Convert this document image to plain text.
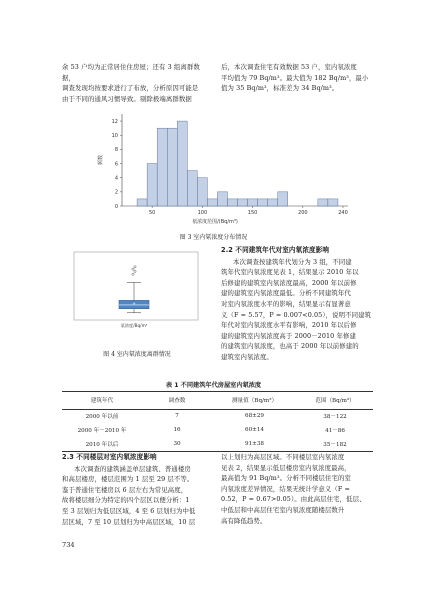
余 53 户均为正常居住住房屋；还有 3 组离群数据，

调查发现均按要求进行了布放，分析原因可能是

由于不同的通风习惯导致。剔除极端离群数据

后，本次调查住宅有效数据 53 户，室内氡浓度

平均值为 79 Bq/m³。最大值为 182 Bq/m³，最小

值为 35 Bq/m³，标准差为 34 Bq/m³。

0
2
4
6
8
10
12
50	100	150	200	240
氡浓度范围/(Bq/m³)
频数
图 3 室内氡浓度分布情况
+
氡浓度/Bq/m³
图 4 室内氡浓度离群情况

2.2 不同建筑年代对室内氡浓度影响

本次调查按建筑年代划分为 3 组，不同建

筑年代室内氡浓度见表 1，结果显示 2010 年以

后修建的建筑室内氡浓度最高，2000 年以前修

建的建筑室内氡浓度最低。分析不同建筑年代

对室内氡浓度水平的影响，结果显示有显著意

义（F = 5.57，P = 0.007<0.05），说明不同建筑

年代对室内氡浓度水平有影响，2010 年以后修

建的建筑室内氡浓度高于 2000－2010 年修建

的建筑室内氡浓度，也高于 2000 年以前修建的

建筑室内氡浓度。

表 1 不同建筑年代房屋室内氡浓度
建筑年代	调查数	测量值（Bq/m³）	范围（Bq/m³）
2000 年以前	7	68±29	38－122
2000 年－2010 年	16	60±14	41－86
2010 年以后	30	91±38	35－182

2.3 不同楼层对室内氡浓度影响

本次调查的建筑涵盖单层建筑、普通楼房

和高层楼房，楼层范围为 1 层至 29 层不等。

鉴于普通住宅楼房以 6 层左右为常见高度，

故将楼层细分为特定的四个层区以便分析：1

至 3 层划归为低层区域，4 至 6 层划归为中低

层区域，7 至 10 层划归为中高层区域，10 层

以上划归为高层区域。不同楼层室内氡浓度

见表 2，结果显示低层楼房室内氡浓度最高，

最高值为 91 Bq/m³。分析不同楼层住宅的室

内氡浓度差异情况，结果无统计学意义（F =

0.52，P = 0.67>0.05）。由此高层住宅，低层、

中低层和中高层住宅室内氡浓度随楼层数升

高有降低趋势。

734
